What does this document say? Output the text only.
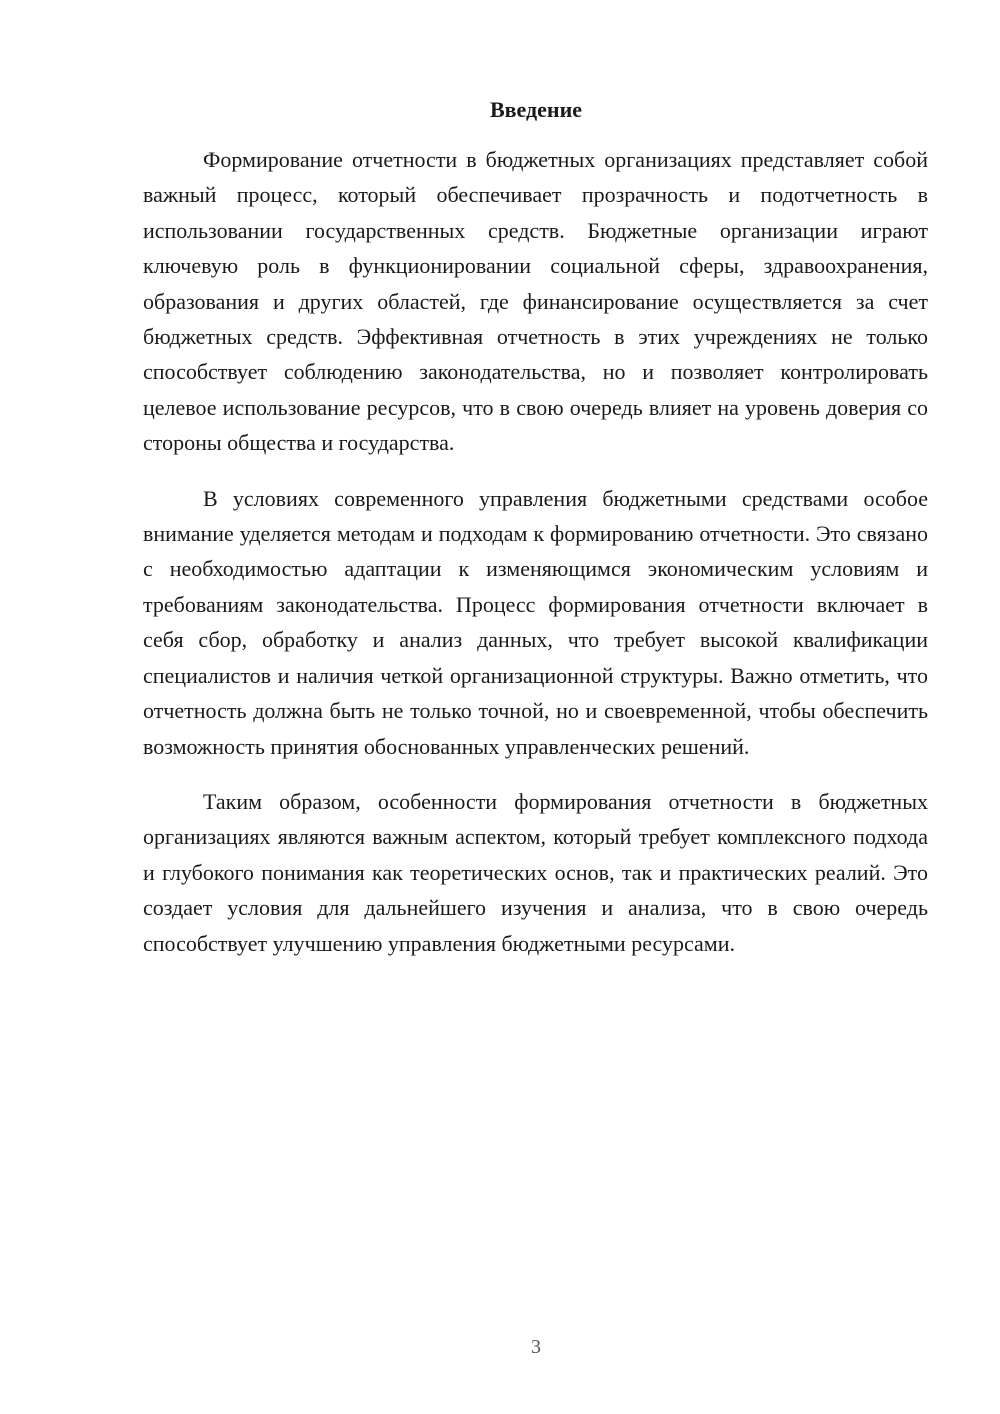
Введение

Формирование отчетности в бюджетных организациях представляет собой важный процесс, который обеспечивает прозрачность и подотчетность в использовании государственных средств. Бюджетные организации играют ключевую роль в функционировании социальной сферы, здравоохранения, образования и других областей, где финансирование осуществляется за счет бюджетных средств. Эффективная отчетность в этих учреждениях не только способствует соблюдению законодательства, но и позволяет контролировать целевое использование ресурсов, что в свою очередь влияет на уровень доверия со стороны общества и государства.

В условиях современного управления бюджетными средствами особое внимание уделяется методам и подходам к формированию отчетности. Это связано с необходимостью адаптации к изменяющимся экономическим условиям и требованиям законодательства. Процесс формирования отчетности включает в себя сбор, обработку и анализ данных, что требует высокой квалификации специалистов и наличия четкой организационной структуры. Важно отметить, что отчетность должна быть не только точной, но и своевременной, чтобы обеспечить возможность принятия обоснованных управленческих решений.

Таким образом, особенности формирования отчетности в бюджетных организациях являются важным аспектом, который требует комплексного подхода и глубокого понимания как теоретических основ, так и практических реалий. Это создает условия для дальнейшего изучения и анализа, что в свою очередь способствует улучшению управления бюджетными ресурсами.

3
